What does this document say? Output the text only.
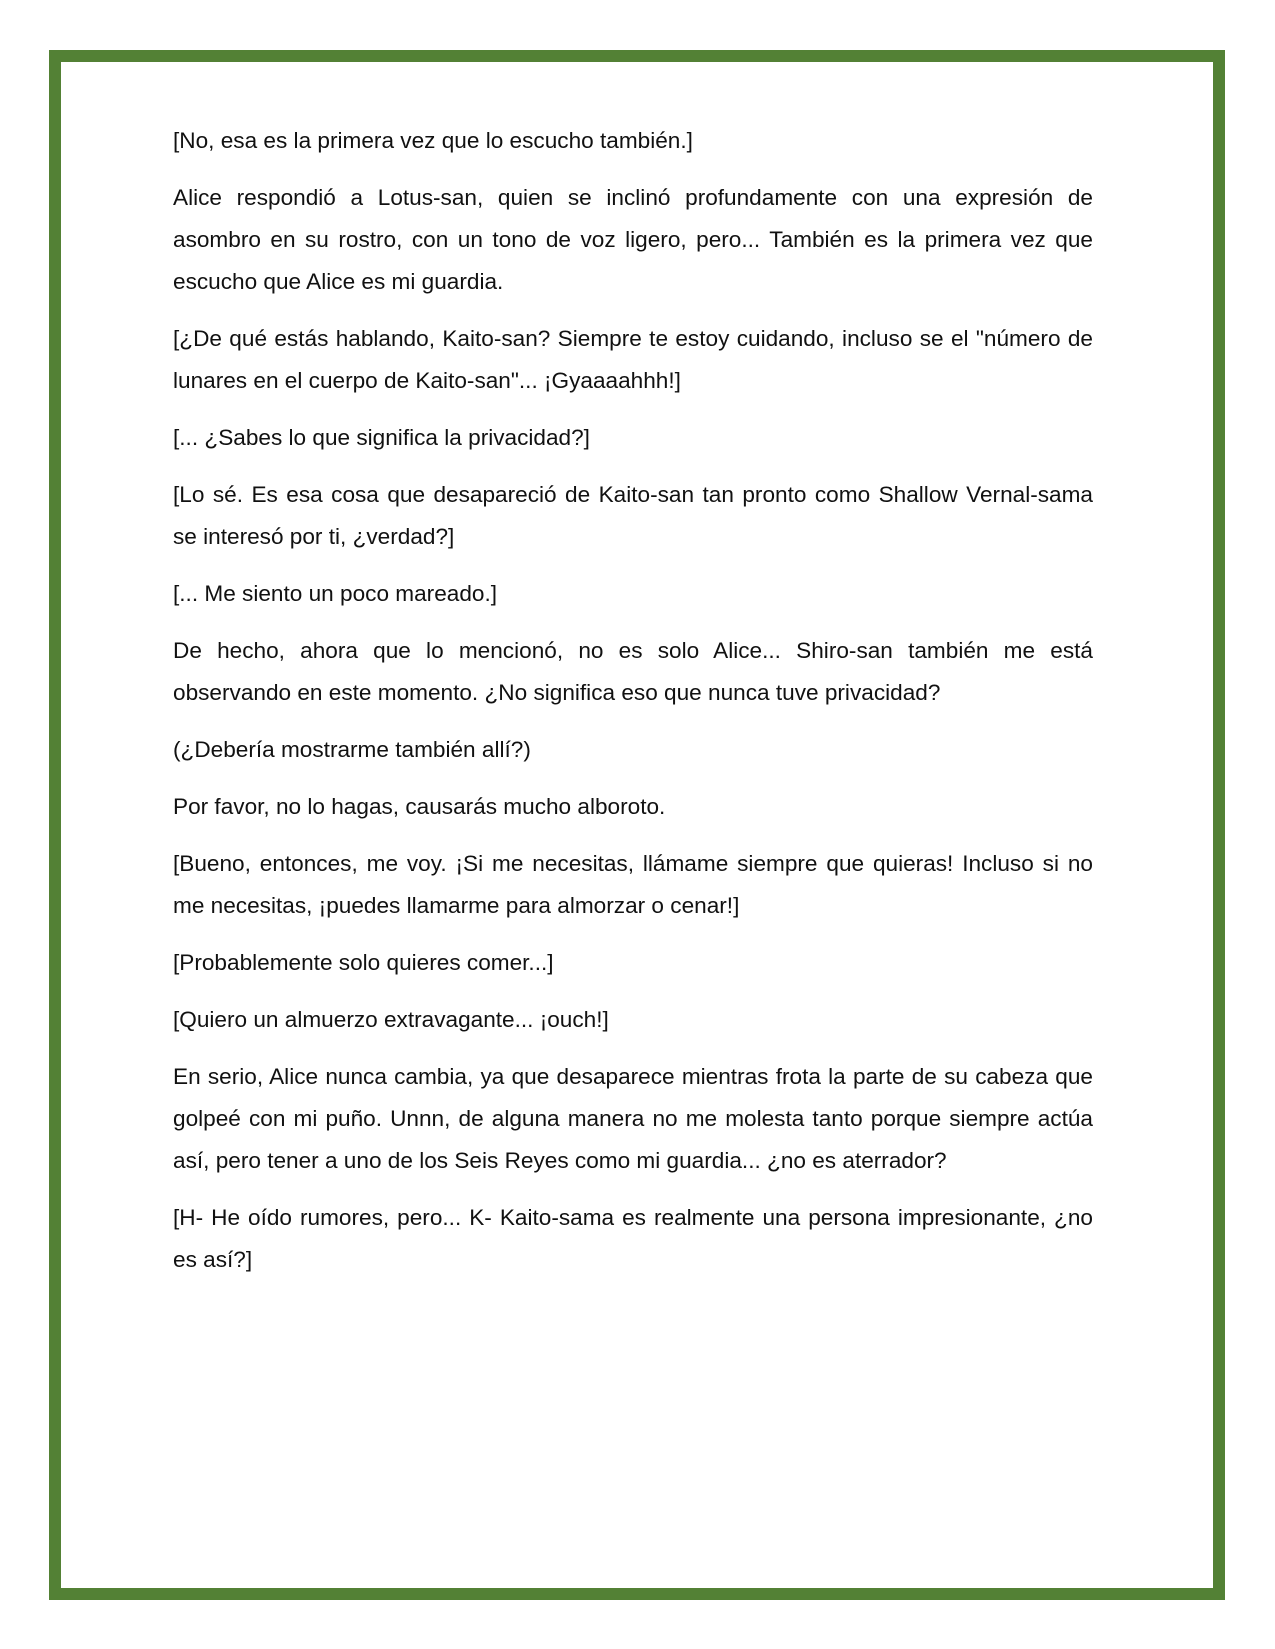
[No, esa es la primera vez que lo escucho también.]

Alice respondió a Lotus-san, quien se inclinó profundamente con una expresión de asombro en su rostro, con un tono de voz ligero, pero... También es la primera vez que escucho que Alice es mi guardia.

[¿De qué estás hablando, Kaito-san? Siempre te estoy cuidando, incluso se el "número de lunares en el cuerpo de Kaito-san"... ¡Gyaaaahhh!]

[... ¿Sabes lo que significa la privacidad?]

[Lo sé. Es esa cosa que desapareció de Kaito-san tan pronto como Shallow Vernal-sama se interesó por ti, ¿verdad?]

[... Me siento un poco mareado.]

De hecho, ahora que lo mencionó, no es solo Alice... Shiro-san también me está observando en este momento. ¿No significa eso que nunca tuve privacidad?

(¿Debería mostrarme también allí?)

Por favor, no lo hagas, causarás mucho alboroto.

[Bueno, entonces, me voy. ¡Si me necesitas, llámame siempre que quieras! Incluso si no me necesitas, ¡puedes llamarme para almorzar o cenar!]

[Probablemente solo quieres comer...]

[Quiero un almuerzo extravagante... ¡ouch!]

En serio, Alice nunca cambia, ya que desaparece mientras frota la parte de su cabeza que golpeé con mi puño. Unnn, de alguna manera no me molesta tanto porque siempre actúa así, pero tener a uno de los Seis Reyes como mi guardia... ¿no es aterrador?

[H- He oído rumores, pero... K- Kaito-sama es realmente una persona impresionante, ¿no es así?]
